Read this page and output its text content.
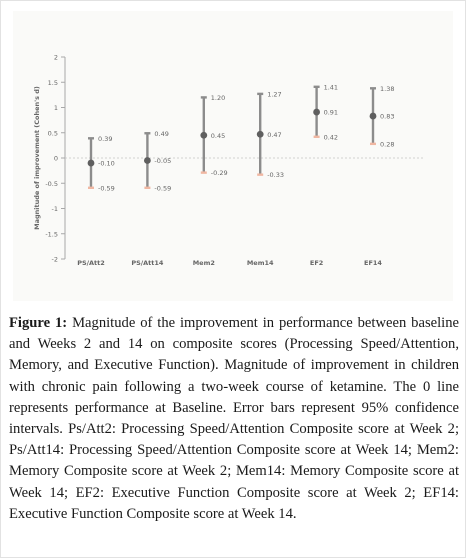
-2
-1.5
-1
-0.5
0
0.5
1
1.5
2
Magnitude of improvement (Cohen's d)	0.39
-0.10
-0.59
PS/Att2
0.49
-0.05
-0.59
PS/Att14
1.20
0.45
-0.29
Mem2
1.27
0.47
-0.33
Mem14
1.41
0.91
0.42
EF2
1.38
0.83
0.28
EF14
Figure 1: Magnitude of the improvement in performance between baseline and Weeks 2 and 14 on composite scores (Processing Speed/Attention, Memory, and Executive Function). Magnitude of improvement in children with chronic pain following a two-week course of ketamine. The 0 line represents performance at Baseline. Error bars represent 95% confidence intervals. Ps/Att2: Processing Speed/Attention Composite score at Week 2; Ps/Att14: Processing Speed/Attention Composite score at Week 14; Mem2: Memory Composite score at Week 2; Mem14: Memory Composite score at Week 14; EF2: Executive Function Composite score at Week 2; EF14: Executive Function Composite score at Week 14.
